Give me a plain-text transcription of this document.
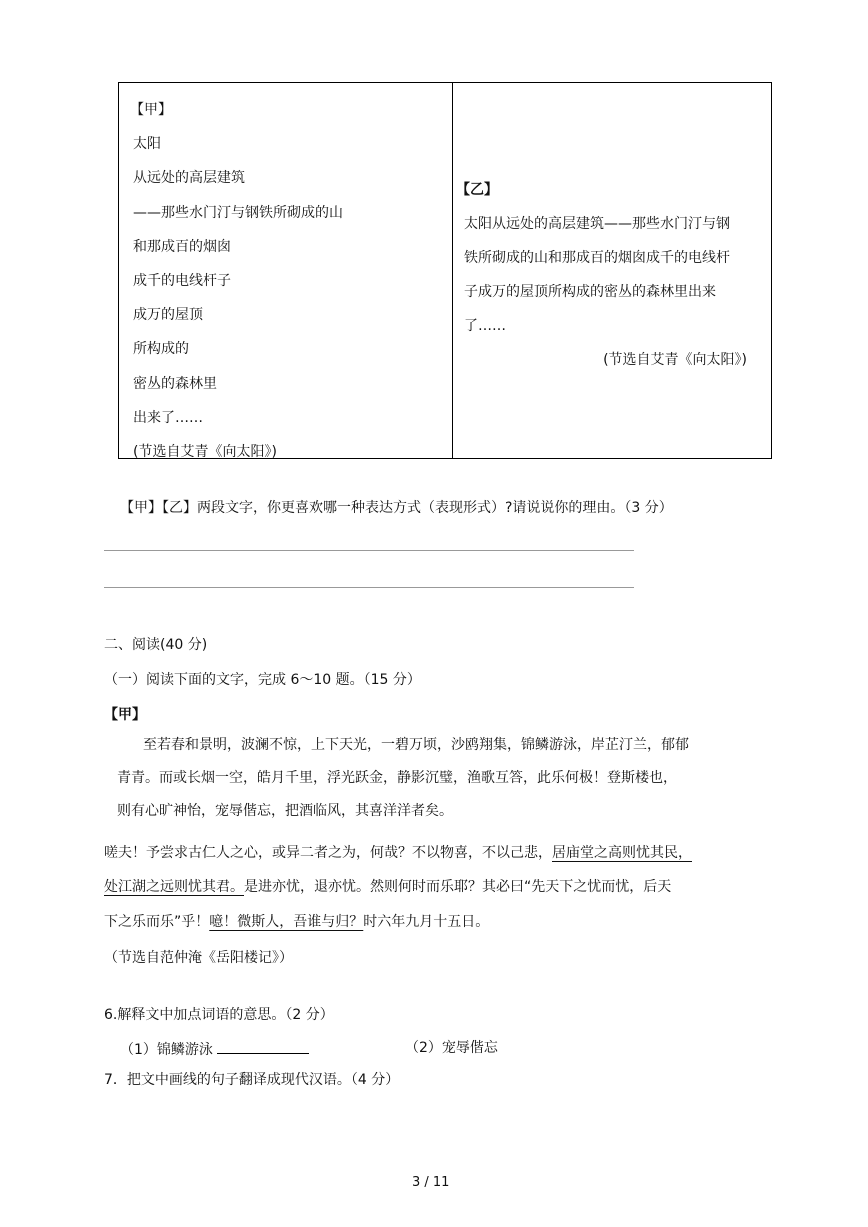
【甲】
太阳
从远处的高层建筑
——那些水门汀与钢铁所砌成的山
和那成百的烟囱
成千的电线杆子
成万的屋顶
所构成的
密丛的森林里
出来了……
(节选自艾青《向太阳》)
【乙】
太阳从远处的高层建筑——那些水门汀与钢
铁所砌成的山和那成百的烟囱成千的电线杆
子成万的屋顶所构成的密丛的森林里出来
了……
(节选自艾青《向太阳》)
【甲】【乙】两段文字，你更喜欢哪一种表达方式（表现形式）?请说说你的理由。（3 分）
二、阅读(40 分)
（一）阅读下面的文字，完成 6～10 题。（15 分）
【甲】
至若春和景明，波澜不惊，上下天光，一碧万顷，沙鸥翔集，锦鳞游泳，岸芷汀兰，郁郁
青青。而或长烟一空，皓月千里，浮光跃金，静影沉璧，渔歌互答，此乐何极！登斯楼也，
则有心旷神怡，宠辱偕忘，把酒临风，其喜洋洋者矣。
嗟夫！予尝求古仁人之心，或异二者之为，何哉？不以物喜，不以己悲，居庙堂之高则忧其民，
处江湖之远则忧其君。是进亦忧，退亦忧。然则何时而乐耶？其必曰“先天下之忧而忧，后天
下之乐而乐”乎！噫！微斯人，吾谁与归？时六年九月十五日。
（节选自范仲淹《岳阳楼记》）
6.解释文中加点词语的意思。（2 分）
（1）锦鳞游泳	（2）宠辱偕忘
7．把文中画线的句子翻译成现代汉语。（4 分）
3 / 11
